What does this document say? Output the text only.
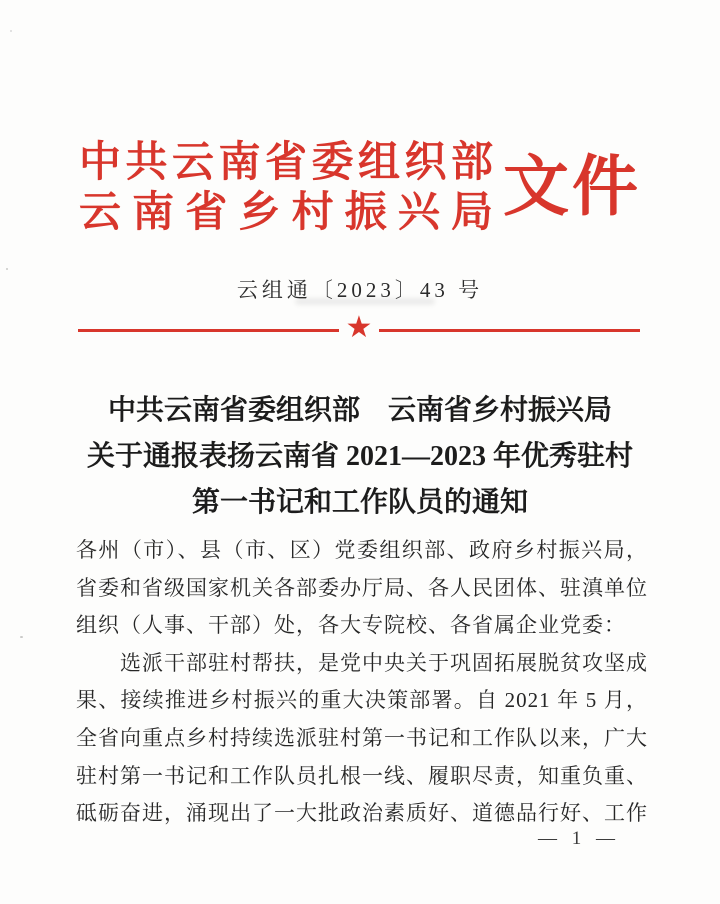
中共云南省委组织部
云南省乡村振兴局 文件
云组通〔2023〕43 号
★
中共云南省委组织部　云南省乡村振兴局
关于通报表扬云南省 2021—2023 年优秀驻村
第一书记和工作队员的通知
各州（市）、县（市、区）党委组织部、政府乡村振兴局，
省委和省级国家机关各部委办厅局、各人民团体、驻滇单位
组织（人事、干部）处，各大专院校、各省属企业党委：
选派干部驻村帮扶，是党中央关于巩固拓展脱贫攻坚成
果、接续推进乡村振兴的重大决策部署。自 2021 年 5 月，
全省向重点乡村持续选派驻村第一书记和工作队以来，广大
驻村第一书记和工作队员扎根一线、履职尽责，知重负重、
砥砺奋进，涌现出了一大批政治素质好、道德品行好、工作
— 1 —
